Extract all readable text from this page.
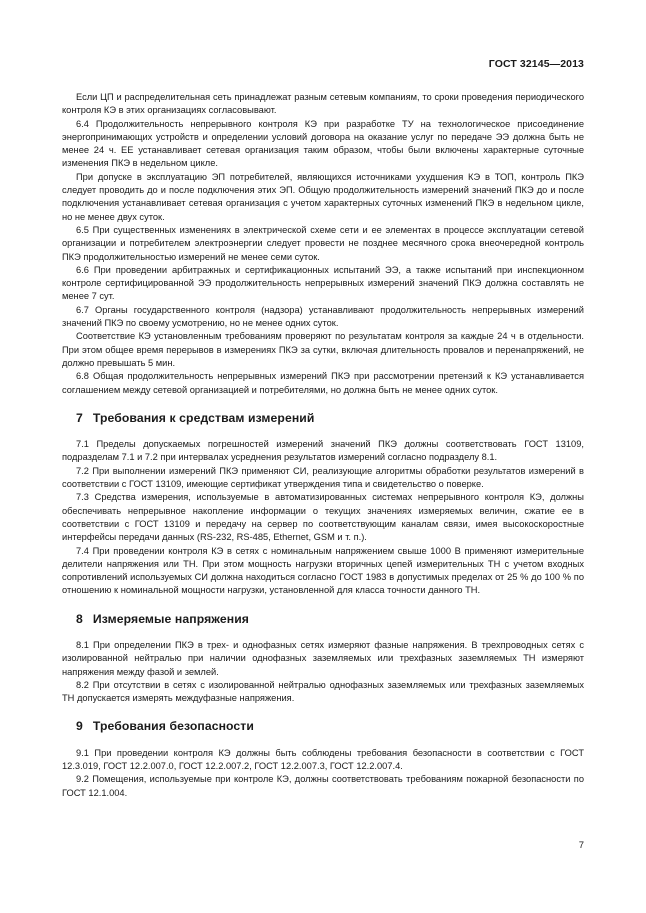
ГОСТ 32145—2013

Если ЦП и распределительная сеть принадлежат разным сетевым компаниям, то сроки проведения периодического контроля КЭ в этих организациях согласовывают.

6.4 Продолжительность непрерывного контроля КЭ при разработке ТУ на технологическое присоединение энергопринимающих устройств и определении условий договора на оказание услуг по передаче ЭЭ должна быть не менее 24 ч. ЕЕ устанавливает сетевая организация таким образом, чтобы были включены характерные суточные изменения ПКЭ в недельном цикле.

При допуске в эксплуатацию ЭП потребителей, являющихся источниками ухудшения КЭ в ТОП, контроль ПКЭ следует проводить до и после подключения этих ЭП. Общую продолжительность измерений значений ПКЭ до и после подключения устанавливает сетевая организация с учетом характерных суточных изменений ПКЭ в недельном цикле, но не менее двух суток.

6.5 При существенных изменениях в электрической схеме сети и ее элементах в процессе эксплуатации сетевой организации и потребителем электроэнергии следует провести не позднее месячного срока внеочередной контроль ПКЭ продолжительностью измерений не менее семи суток.

6.6 При проведении арбитражных и сертификационных испытаний ЭЭ, а также испытаний при инспекционном контроле сертифицированной ЭЭ продолжительность непрерывных измерений значений ПКЭ должна составлять не менее 7 сут.

6.7 Органы государственного контроля (надзора) устанавливают продолжительность непрерывных измерений значений ПКЭ по своему усмотрению, но не менее одних суток.

Соответствие КЭ установленным требованиям проверяют по результатам контроля за каждые 24 ч в отдельности. При этом общее время перерывов в измерениях ПКЭ за сутки, включая длительность провалов и перенапряжений, не должно превышать 5 мин.

6.8 Общая продолжительность непрерывных измерений ПКЭ при рассмотрении претензий к КЭ устанавливается соглашением между сетевой организацией и потребителями, но должна быть не менее одних суток.

7 Требования к средствам измерений

7.1 Пределы допускаемых погрешностей измерений значений ПКЭ должны соответствовать ГОСТ 13109, подразделам 7.1 и 7.2 при интервалах усреднения результатов измерений согласно подразделу 8.1.

7.2 При выполнении измерений ПКЭ применяют СИ, реализующие алгоритмы обработки результатов измерений в соответствии с ГОСТ 13109, имеющие сертификат утверждения типа и свидетельство о поверке.

7.3 Средства измерения, используемые в автоматизированных системах непрерывного контроля КЭ, должны обеспечивать непрерывное накопление информации о текущих значениях измеряемых величин, сжатие ее в соответствии с ГОСТ 13109 и передачу на сервер по соответствующим каналам связи, имея высокоскоростные интерфейсы передачи данных (RS-232, RS-485, Ethernet, GSM и т. п.).

7.4 При проведении контроля КЭ в сетях с номинальным напряжением свыше 1000 В применяют измерительные делители напряжения или ТН. При этом мощность нагрузки вторичных цепей измерительных ТН с учетом входных сопротивлений используемых СИ должна находиться согласно ГОСТ 1983 в допустимых пределах от 25 % до 100 % по отношению к номинальной мощности нагрузки, установленной для класса точности данного ТН.

8 Измеряемые напряжения

8.1 При определении ПКЭ в трех- и однофазных сетях измеряют фазные напряжения. В трехпроводных сетях с изолированной нейтралью при наличии однофазных заземляемых или трехфазных заземляемых ТН измеряют напряжения между фазой и землей.

8.2 При отсутствии в сетях с изолированной нейтралью однофазных заземляемых или трехфазных заземляемых ТН допускается измерять междуфазные напряжения.

9 Требования безопасности

9.1 При проведении контроля КЭ должны быть соблюдены требования безопасности в соответствии с ГОСТ 12.3.019, ГОСТ 12.2.007.0, ГОСТ 12.2.007.2, ГОСТ 12.2.007.3, ГОСТ 12.2.007.4.

9.2 Помещения, используемые при контроле КЭ, должны соответствовать требованиям пожарной безопасности по ГОСТ 12.1.004.

7
